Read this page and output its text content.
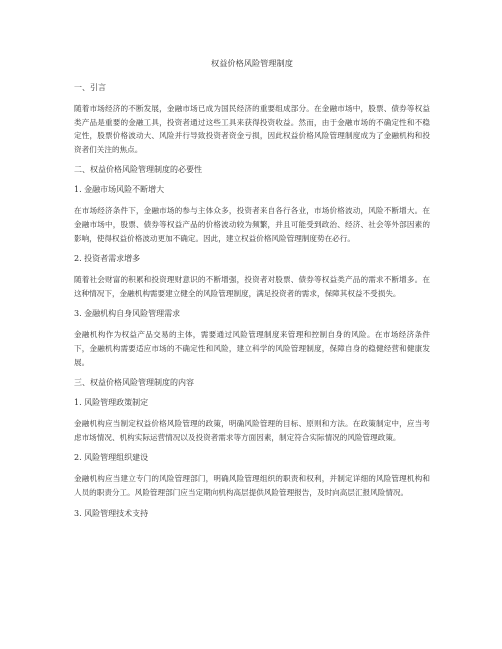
权益价格风险管理制度
一、引言
随着市场经济的不断发展，金融市场已成为国民经济的重要组成部分。在金融市场中，股票、债券等权益类产品是重要的金融工具，投资者通过这些工具来获得投资收益。然而，由于金融市场的不确定性和不稳定性，股票价格波动大、风险并行导致投资者资金亏损，因此权益价格风险管理制度成为了金融机构和投资者们关注的焦点。
二、权益价格风险管理制度的必要性
1. 金融市场风险不断增大
在市场经济条件下，金融市场的参与主体众多，投资者来自各行各业，市场价格波动，风险不断增大。在金融市场中，股票、债券等权益产品的价格波动较为频繁，并且可能受到政治、经济、社会等外部因素的影响，使得权益价格波动更加不确定。因此，建立权益价格风险管理制度势在必行。
2. 投资者需求增多
随着社会财富的积累和投资理财意识的不断增强，投资者对股票、债券等权益类产品的需求不断增多。在这种情况下，金融机构需要建立健全的风险管理制度，满足投资者的需求，保障其权益不受损失。
3. 金融机构自身风险管理需求
金融机构作为权益产品交易的主体，需要通过风险管理制度来管理和控制自身的风险。在市场经济条件下，金融机构需要适应市场的不确定性和风险，建立科学的风险管理制度，保障自身的稳健经营和健康发展。
三、权益价格风险管理制度的内容
1. 风险管理政策制定
金融机构应当制定权益价格风险管理的政策，明确风险管理的目标、原则和方法。在政策制定中，应当考虑市场情况、机构实际运营情况以及投资者需求等方面因素，制定符合实际情况的风险管理政策。
2. 风险管理组织建设
金融机构应当建立专门的风险管理部门，明确风险管理组织的职责和权利，并制定详细的风险管理机构和人员的职责分工。风险管理部门应当定期向机构高层提供风险管理报告，及时向高层汇报风险情况。
3. 风险管理技术支持
